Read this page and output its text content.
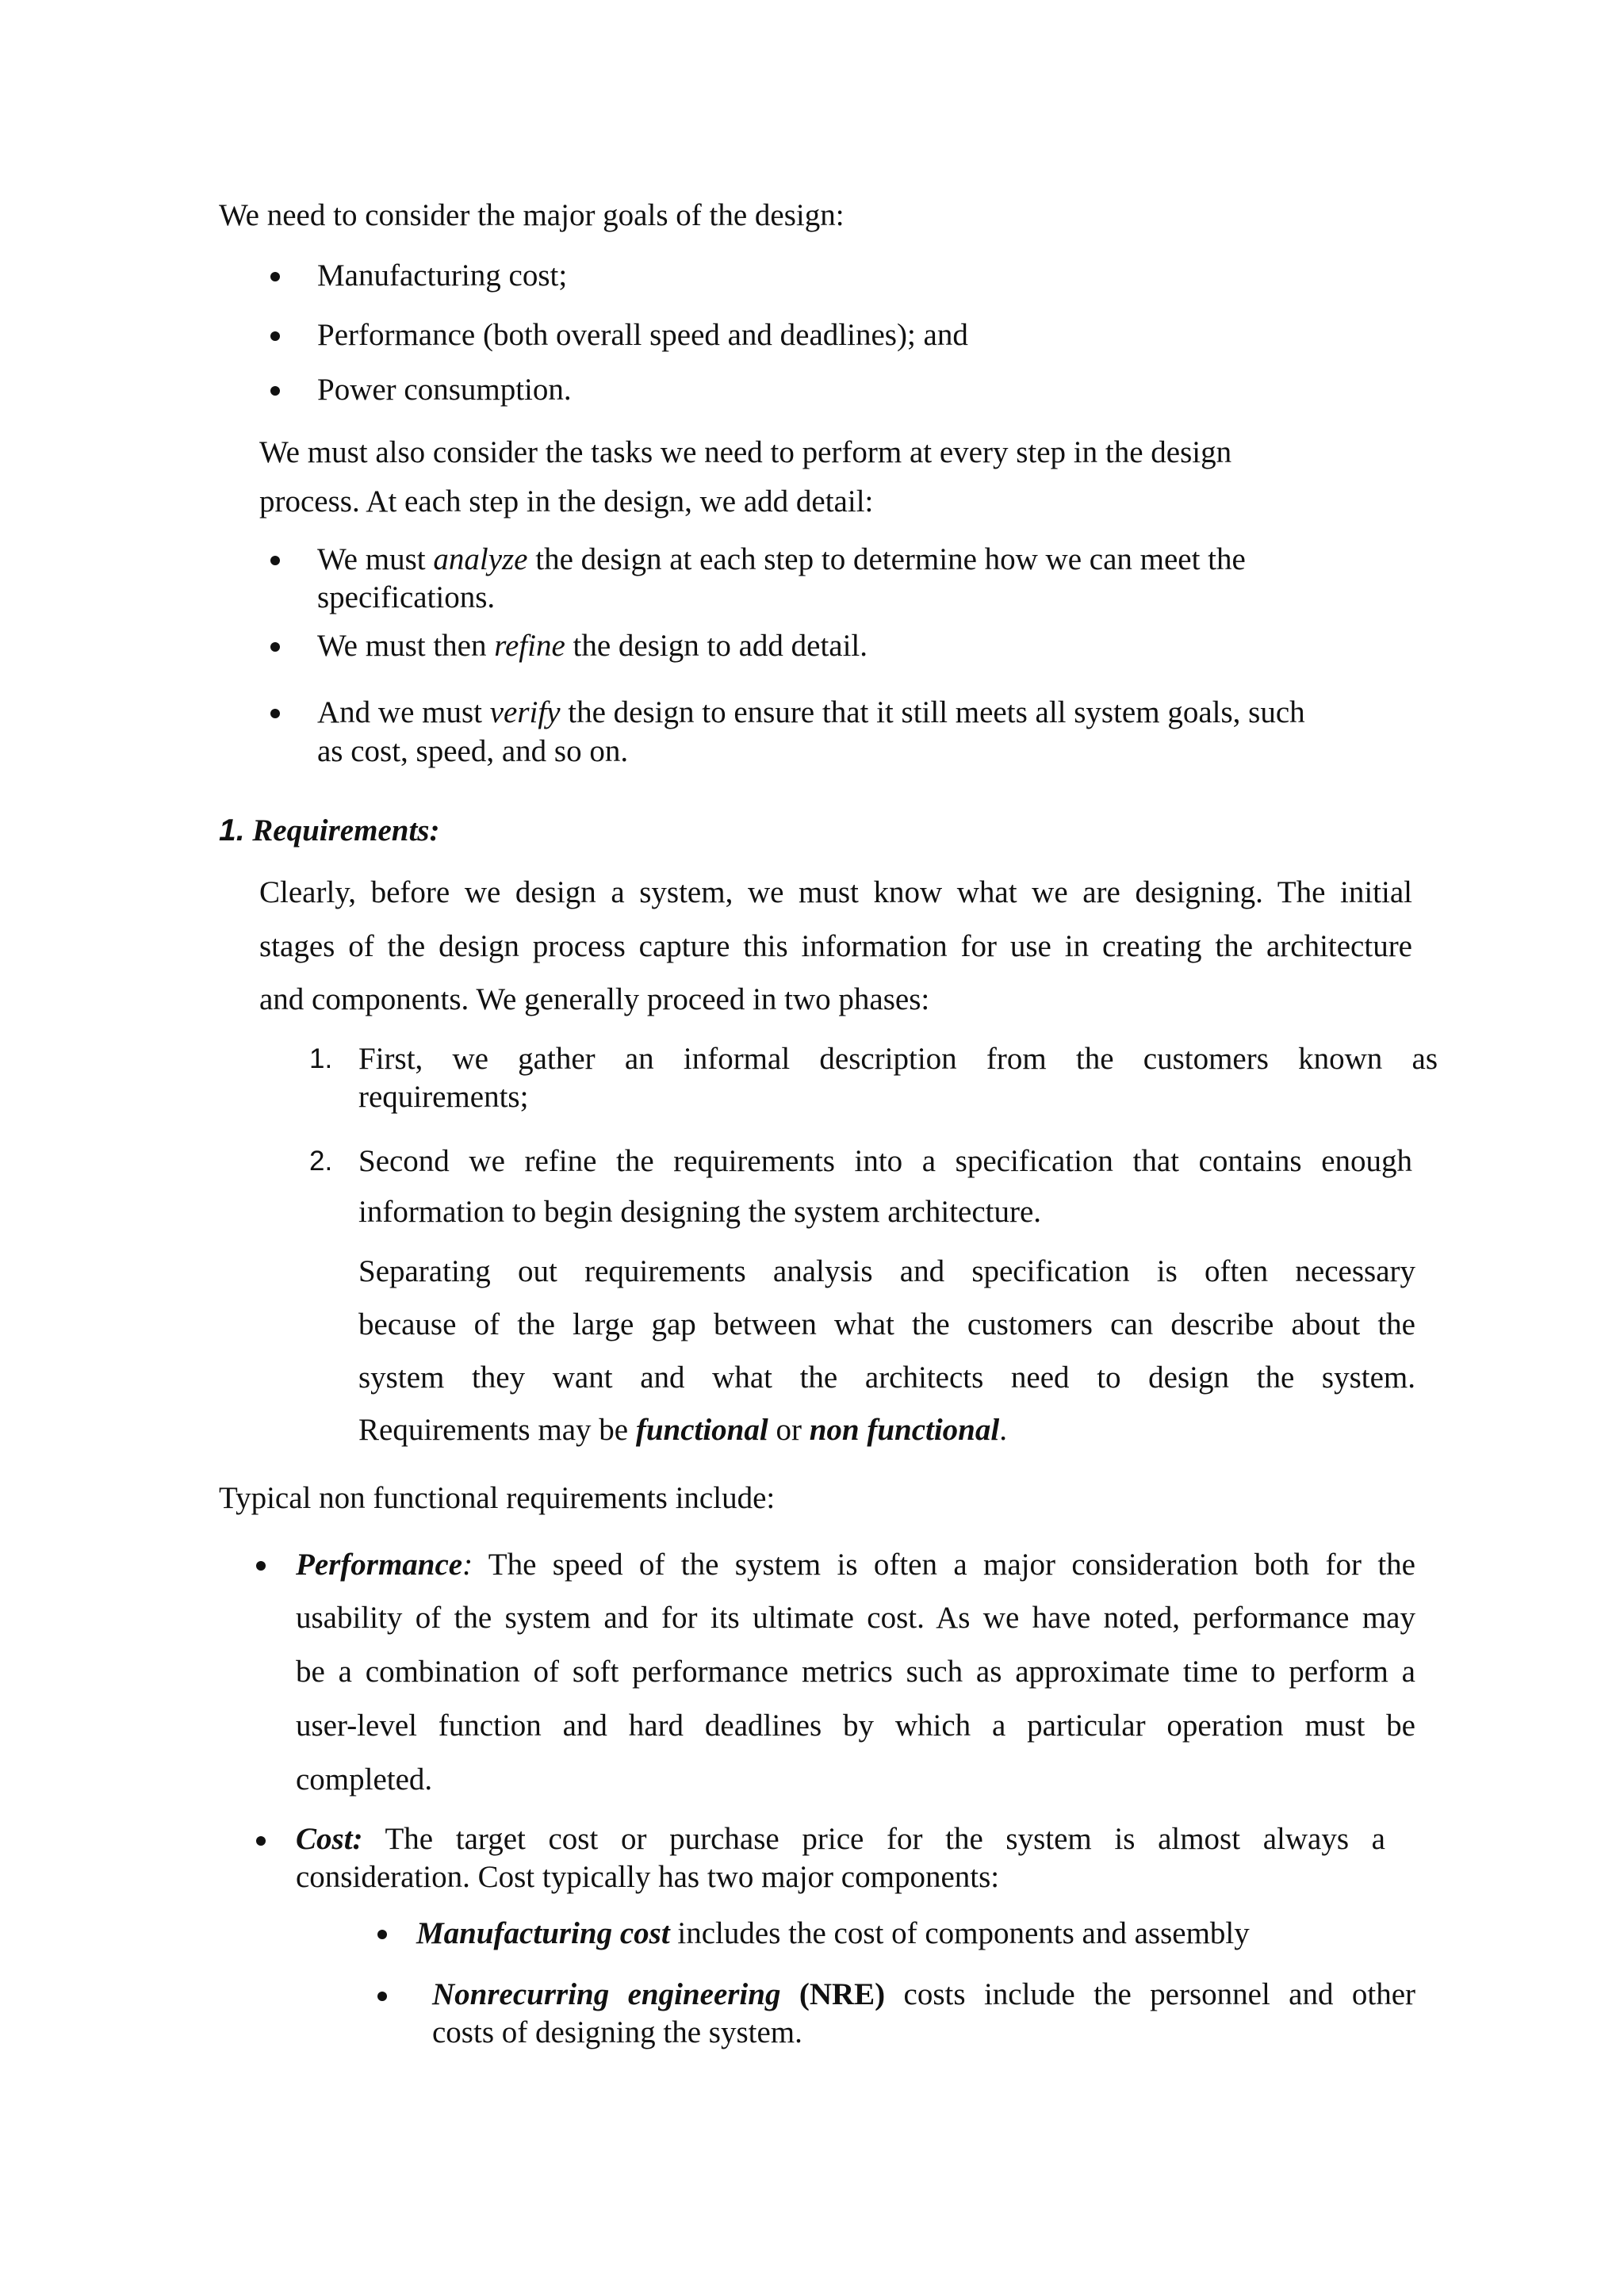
We need to consider the major goals of the design:
Manufacturing cost;
Performance (both overall speed and deadlines); and
Power consumption.
We must also consider the tasks we need to perform at every step in the design
process. At each step in the design, we add detail:
We must analyze the design at each step to determine how we can meet the
specifications.
We must then refine the design to add detail.
And we must verify the design to ensure that it still meets all system goals, such
as cost, speed, and so on.
1. Requirements:
Clearly, before we design a system, we must know what we are designing. The initial
stages of the design process capture this information for use in creating the architecture
and components. We generally proceed in two phases:
1. First, we gather an informal description from the customers known as
requirements;
2. Second we refine the requirements into a specification that contains enough
information to begin designing the system architecture.
Separating out requirements analysis and specification is often necessary
because of the large gap between what the customers can describe about the
system they want and what the architects need to design the system.
Requirements may be functional or non functional.
Typical non functional requirements include:
Performance: The speed of the system is often a major consideration both for the
usability of the system and for its ultimate cost. As we have noted, performance may
be a combination of soft performance metrics such as approximate time to perform a
user-level function and hard deadlines by which a particular operation must be
completed.
Cost: The target cost or purchase price for the system is almost always a
consideration. Cost typically has two major components:
Manufacturing cost includes the cost of components and assembly
Nonrecurring engineering (NRE) costs include the personnel and other
costs of designing the system.
